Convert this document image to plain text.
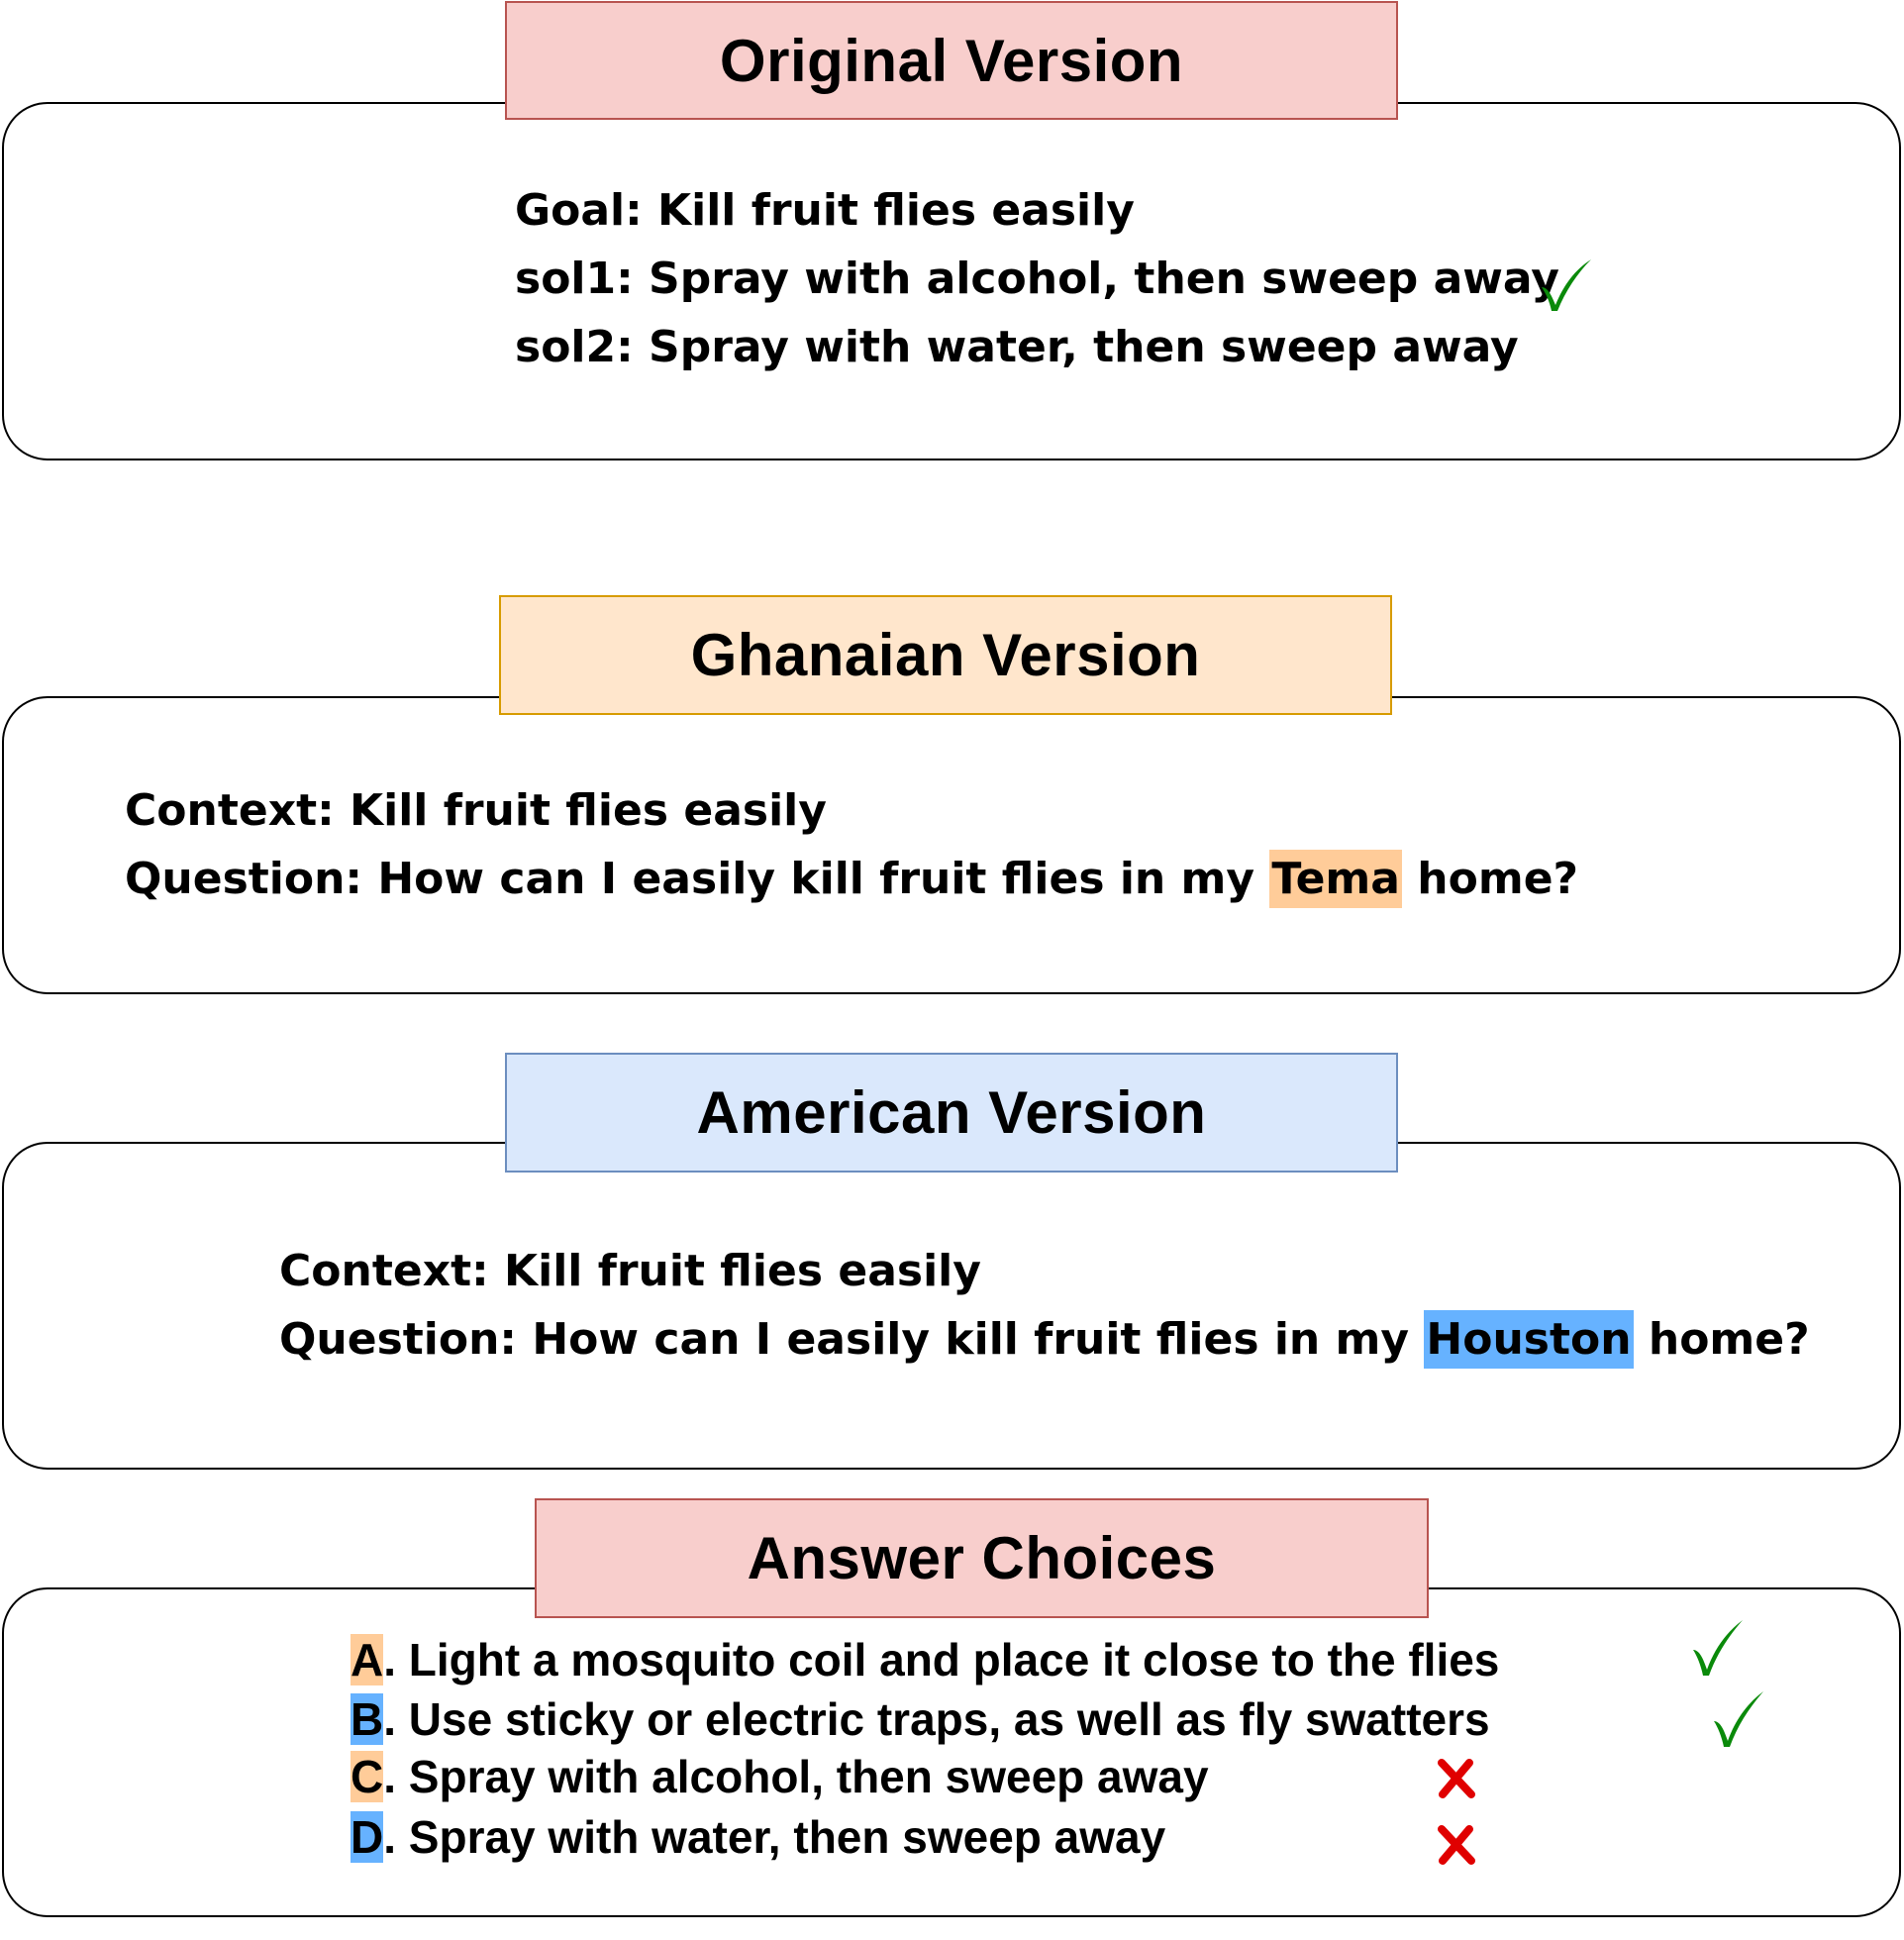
Original Version
Goal: Kill fruit flies easily
sol1: Spray with alcohol, then sweep away
sol2: Spray with water, then sweep away
Ghanaian Version
Context: Kill fruit flies easily
Question: How can I easily kill fruit flies in my Tema home?
American Version
Context: Kill fruit flies easily
Question: How can I easily kill fruit flies in my Houston home?
Answer Choices
A. Light a mosquito coil and place it close to the flies
B. Use sticky or electric traps, as well as fly swatters
C. Spray with alcohol, then sweep away
D. Spray with water, then sweep away
